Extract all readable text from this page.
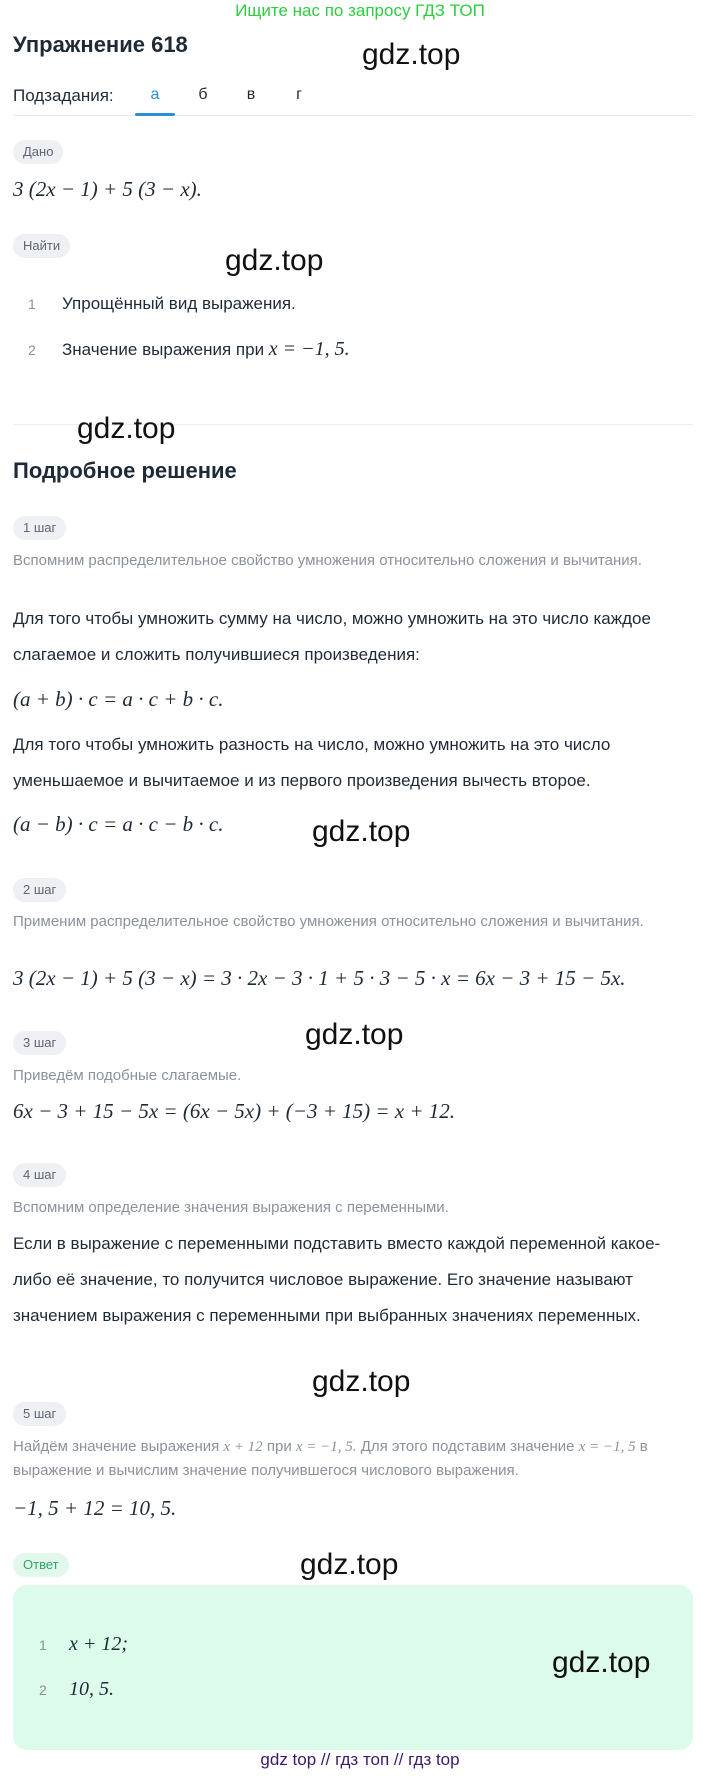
Ищите нас по запросу ГДЗ ТОП
Упражнение 618	gdz.top
Подзадания:	а	б	в	г
Дано
3 (2x − 1) + 5 (3 − x).
Найти	gdz.top
1 Упрощённый вид выражения.
2 Значение выражения при x = −1, 5.
gdz.top
Подробное решение
1 шаг
Вспомним распределительное свойство умножения относительно сложения и вычитания.
Для того чтобы умножить сумму на число, можно умножить на это число каждое слагаемое и сложить получившиеся произведения:
(a + b) · c = a · c + b · c.
Для того чтобы умножить разность на число, можно умножить на это число уменьшаемое и вычитаемое и из первого произведения вычесть второе.
(a − b) · c = a · c − b · c.	gdz.top
2 шаг
Применим распределительное свойство умножения относительно сложения и вычитания.
3 (2x − 1) + 5 (3 − x) = 3 · 2x − 3 · 1 + 5 · 3 − 5 · x = 6x − 3 + 15 − 5x.
gdz.top
3 шаг
Приведём подобные слагаемые.
6x − 3 + 15 − 5x = (6x − 5x) + (−3 + 15) = x + 12.
4 шаг
Вспомним определение значения выражения с переменными.
Если в выражение с переменными подставить вместо каждой переменной какое-либо её значение, то получится числовое выражение. Его значение называют значением выражения с переменными при выбранных значениях переменных.
gdz.top
5 шаг
Найдём значение выражения x + 12 при x = −1, 5. Для этого подставим значение x = −1, 5 в выражение и вычислим значение получившегося числового выражения.
−1, 5 + 12 = 10, 5.
Ответ	gdz.top
1 x + 12;
2 10, 5.
gdz.top
gdz top // гдз топ // гдз top
